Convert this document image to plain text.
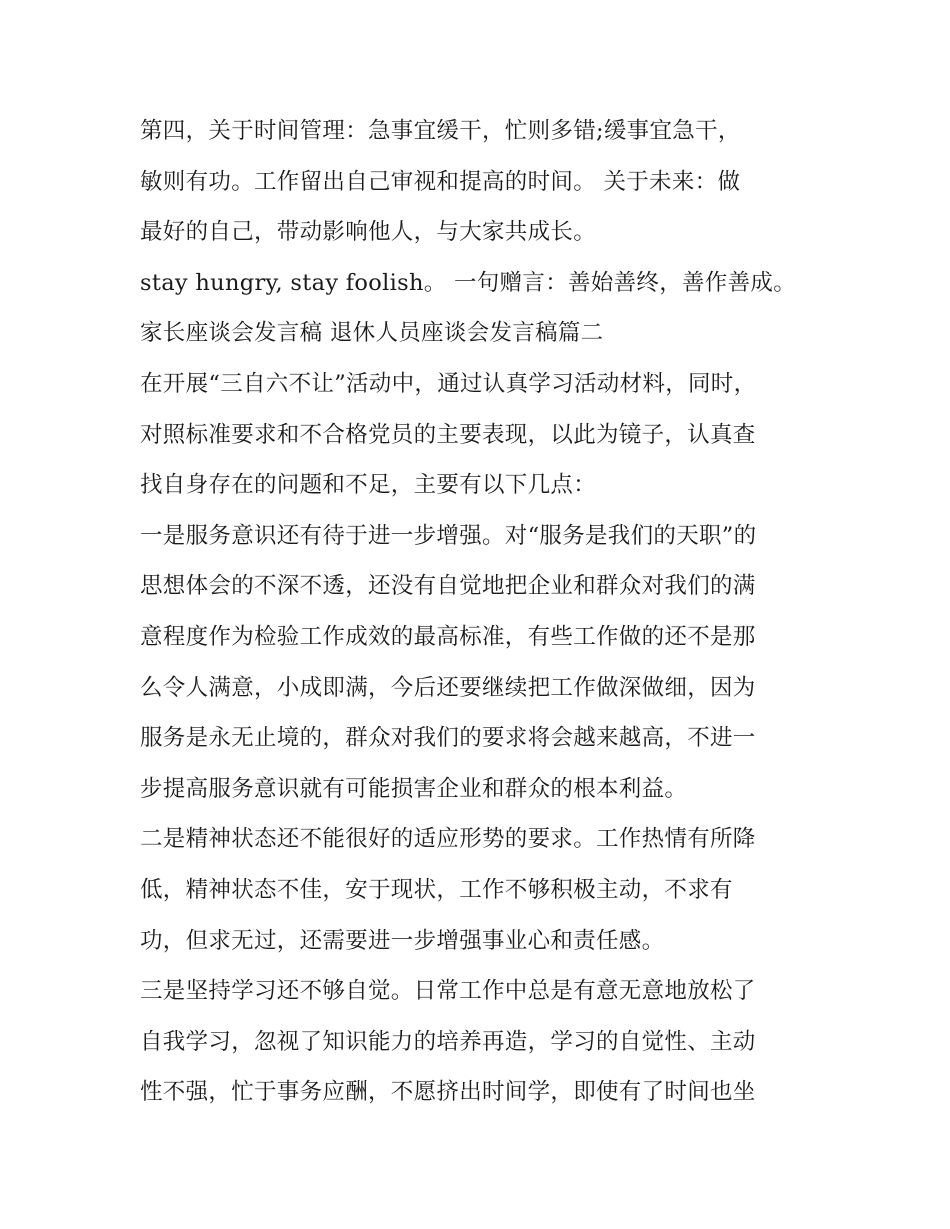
第四，关于时间管理：急事宜缓干，忙则多错;缓事宜急干，
敏则有功。工作留出自己审视和提高的时间。 关于未来：做
最好的自己，带动影响他人，与大家共成长。

stay hungry, stay foolish。 一句赠言：善始善终，善作善成。

家长座谈会发言稿 退休人员座谈会发言稿篇二

在开展“三自六不让”活动中，通过认真学习活动材料，同时，
对照标准要求和不合格党员的主要表现，以此为镜子，认真查
找自身存在的问题和不足，主要有以下几点：

一是服务意识还有待于进一步增强。对“服务是我们的天职”的
思想体会的不深不透，还没有自觉地把企业和群众对我们的满
意程度作为检验工作成效的最高标准，有些工作做的还不是那
么令人满意，小成即满，今后还要继续把工作做深做细，因为
服务是永无止境的，群众对我们的要求将会越来越高，不进一
步提高服务意识就有可能损害企业和群众的根本利益。

二是精神状态还不能很好的适应形势的要求。工作热情有所降
低，精神状态不佳，安于现状，工作不够积极主动，不求有
功，但求无过，还需要进一步增强事业心和责任感。

三是坚持学习还不够自觉。日常工作中总是有意无意地放松了
自我学习，忽视了知识能力的培养再造，学习的自觉性、主动
性不强，忙于事务应酬，不愿挤出时间学，即使有了时间也坐
